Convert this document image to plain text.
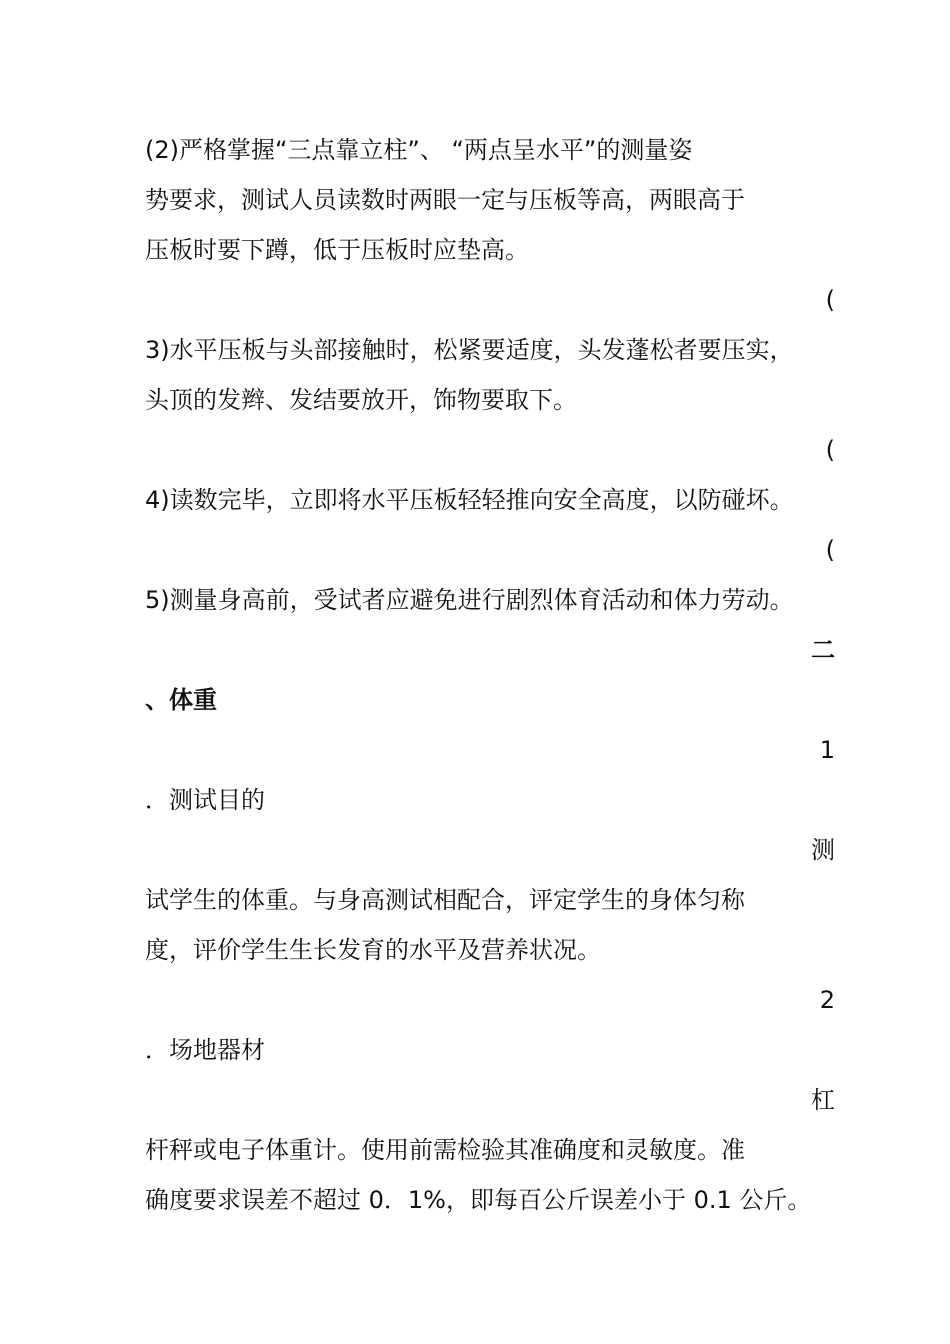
(2)严格掌握“三点靠立柱”、 “两点呈水平”的测量姿
势要求，测试人员读数时两眼一定与压板等高，两眼高于
压板时要下蹲，低于压板时应垫高。
(
3)水平压板与头部接触时，松紧要适度，头发蓬松者要压实，
头顶的发辫、发结要放开，饰物要取下。
(
4)读数完毕，立即将水平压板轻轻推向安全高度，以防碰坏。
(
5)测量身高前，受试者应避免进行剧烈体育活动和体力劳动。
二
、体重
1
．测试目的
测
试学生的体重。与身高测试相配合，评定学生的身体匀称
度，评价学生生长发育的水平及营养状况。
2
．场地器材
杠
杆秤或电子体重计。使用前需检验其准确度和灵敏度。准
确度要求误差不超过 0．1%，即每百公斤误差小于 0.1 公斤。
